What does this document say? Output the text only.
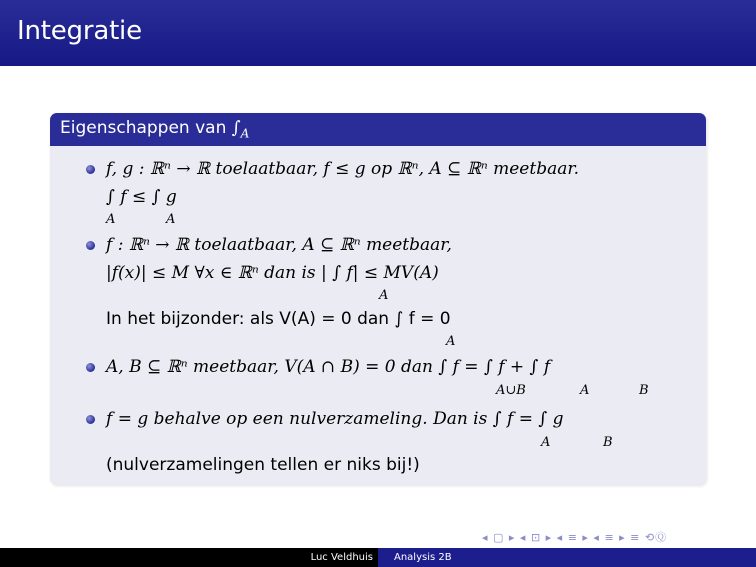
Integratie
Eigenschappen van $\int_A$
f, g : ℝⁿ → ℝ toelaatbaar, f ≤ g op ℝⁿ, A ⊆ ℝⁿ meetbaar.
∫ f ≤ ∫ g
A	A
f : ℝⁿ → ℝ toelaatbaar, A ⊆ ℝⁿ meetbaar,
|f(x)| ≤ M ∀x ∈ ℝⁿ dan is | ∫ f| ≤ MV(A)
A
In het bijzonder: als V(A) = 0 dan ∫ f = 0
A
A, B ⊆ ℝⁿ meetbaar, V(A ∩ B) = 0 dan ∫ f = ∫ f + ∫ f
A∪B	A	B
f = g behalve op een nulverzameling. Dan is ∫ f = ∫ g
A	B
(nulverzamelingen tellen er niks bij!)
◂ ▢ ▸ ◂ ⊡ ▸ ◂ ≡ ▸ ◂ ≡ ▸ ≡ ⟲Ⓠ
Luc Veldhuis	Analysis 2B
